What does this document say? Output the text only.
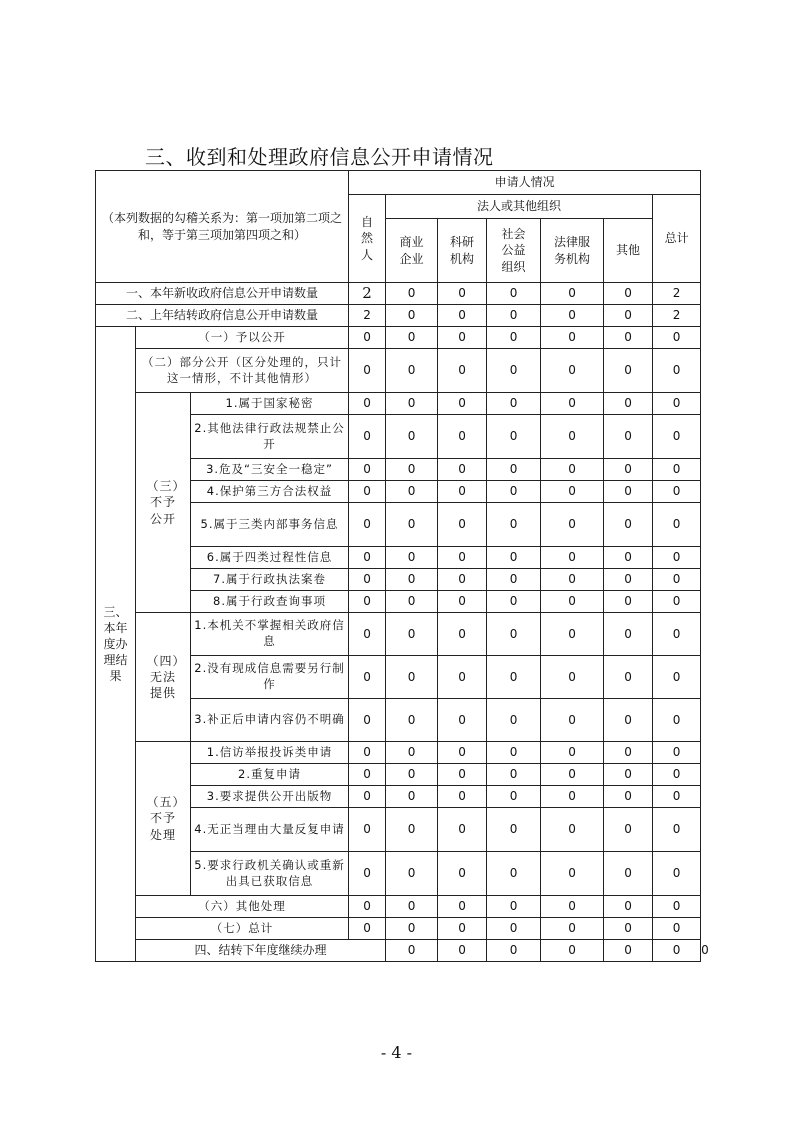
三、收到和处理政府信息公开申请情况
（本列数据的勾稽关系为：第一项加第二项之和，等于第三项加第四项之和）			申请人情况							
			自然人	法人或其他组织					总计	
				商业企业	科研机构	社会公益组织	法律服务机构	其他		
一、本年新收政府信息公开申请数量			2	0	0	0	0	0	2	
二、上年结转政府信息公开申请数量			2	0	0	0	0	0	2	
三、本年度办理结果	（一）予以公开		0	0	0	0	0	0	0	
	（二）部分公开（区分处理的，只计这一情形，不计其他情形）		0	0	0	0	0	0	0	
	（三）不予公开	1.属于国家秘密	0	0	0	0	0	0	0	
		2.其他法律行政法规禁止公开	0	0	0	0	0	0	0	
		3.危及“三安全一稳定”	0	0	0	0	0	0	0	
		4.保护第三方合法权益	0	0	0	0	0	0	0	
		5.属于三类内部事务信息	0	0	0	0	0	0	0	
		6.属于四类过程性信息	0	0	0	0	0	0	0	
		7.属于行政执法案卷	0	0	0	0	0	0	0	
		8.属于行政查询事项	0	0	0	0	0	0	0	
	（四）无法提供	1.本机关不掌握相关政府信息	0	0	0	0	0	0	0	
		2.没有现成信息需要另行制作	0	0	0	0	0	0	0	
		3.补正后申请内容仍不明确	0	0	0	0	0	0	0	
	（五）不予处理	1.信访举报投诉类申请	0	0	0	0	0	0	0	
		2.重复申请	0	0	0	0	0	0	0	
		3.要求提供公开出版物	0	0	0	0	0	0	0	
		4.无正当理由大量反复申请	0	0	0	0	0	0	0	
		5.要求行政机关确认或重新出具已获取信息	0	0	0	0	0	0	0	
	（六）其他处理		0	0	0	0	0	0	0	
	（七）总计		0	0	0	0	0	0	0	
	四、结转下年度继续办理			0	0	0	0	0	0	0
- 4 -
